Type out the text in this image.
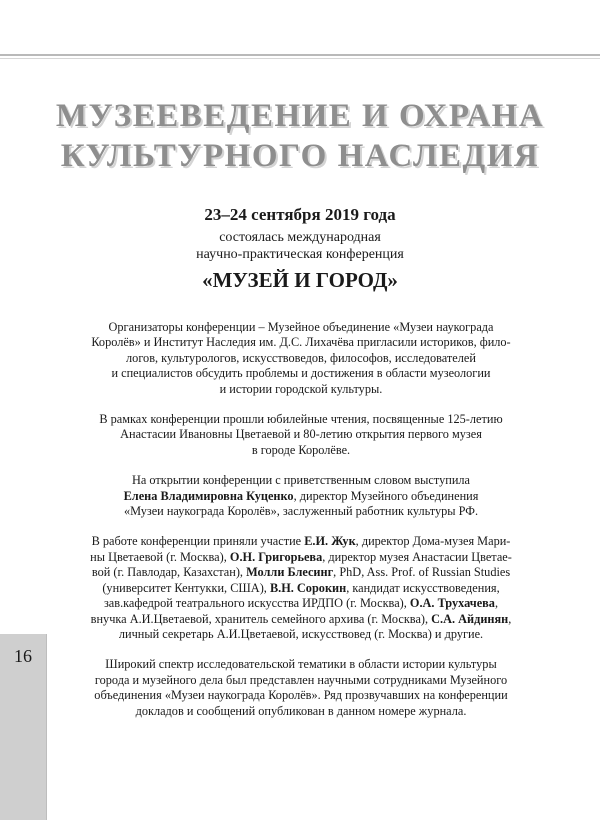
16
МУЗЕЕВЕДЕНИЕ И ОХРАНА
КУЛЬТУРНОГО НАСЛЕДИЯ
23–24 сентября 2019 года
состоялась международная
научно-практическая конференция
«МУЗЕЙ И ГОРОД»
Организаторы конференции – Музейное объединение «Музеи наукограда
Королёв» и Институт Наследия им. Д.С. Лихачёва пригласили историков, фило-
логов, культурологов, искусствоведов, философов, исследователей
и специалистов обсудить проблемы и достижения в области музеологии
и истории городской культуры.
В рамках конференции прошли юбилейные чтения, посвященные 125-летию
Анастасии Ивановны Цветаевой и 80-летию открытия первого музея
в городе Королёве.
На открытии конференции с приветственным словом выступила
Елена Владимировна Куценко, директор Музейного объединения
«Музеи наукограда Королёв», заслуженный работник культуры РФ.
В работе конференции приняли участие Е.И. Жук, директор Дома-музея Мари-
ны Цветаевой (г. Москва), О.Н. Григорьева, директор музея Анастасии Цветае-
вой (г. Павлодар, Казахстан), Молли Блесинг, PhD, Ass. Prof. of Russian Studies
(университет Кентукки, США), В.Н. Сорокин, кандидат искусствоведения,
зав.кафедрой театрального искусства ИРДПО (г. Москва), О.А. Трухачева,
внучка А.И.Цветаевой, хранитель семейного архива (г. Москва), С.А. Айдинян,
личный секретарь А.И.Цветаевой, искусствовед (г. Москва) и другие.
Широкий спектр исследовательской тематики в области истории культуры
города и музейного дела был представлен научными сотрудниками Музейного
объединения «Музеи наукограда Королёв». Ряд прозвучавших на конференции
докладов и сообщений опубликован в данном номере журнала.
